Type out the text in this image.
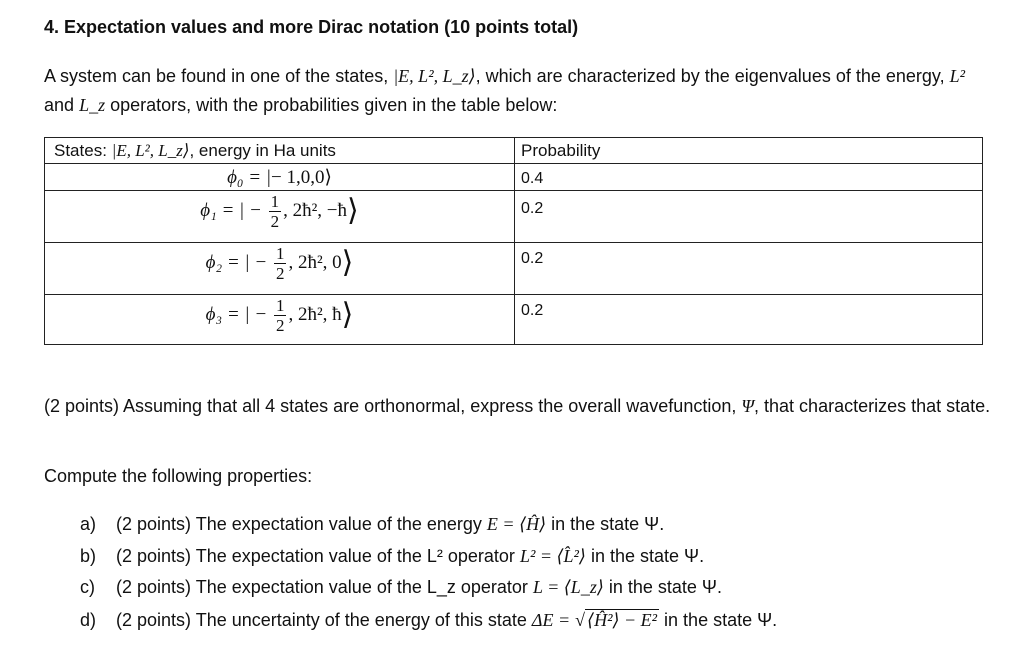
4. Expectation values and more Dirac notation (10 points total)
A system can be found in one of the states, |E, L², L_z⟩, which are characterized by the eigenvalues of the energy, L² and L_z operators, with the probabilities given in the table below:
States: |E, L², L_z⟩, energy in Ha units	Probability
ϕ₀ = |− 1,0,0⟩	0.4
ϕ₁ = | − $\frac{1}{2}$ , 2ħ², −ħ⟩	0.2
ϕ₂ = | − $\frac{1}{2}$ , 2ħ², 0⟩	0.2
ϕ₃ = | − $\frac{1}{2}$ , 2ħ², ħ⟩	0.2
(2 points) Assuming that all 4 states are orthonormal, express the overall wavefunction, Ψ, that characterizes that state.
Compute the following properties:
a) (2 points) The expectation value of the energy E = ⟨Ĥ⟩ in the state Ψ.
b) (2 points) The expectation value of the L² operator L² = ⟨L̂²⟩ in the state Ψ.
c) (2 points) The expectation value of the L_z operator L = ⟨L_z⟩ in the state Ψ.
d) (2 points) The uncertainty of the energy of this state ΔE = √ ⟨Ĥ²⟩ − E² in the state Ψ.
